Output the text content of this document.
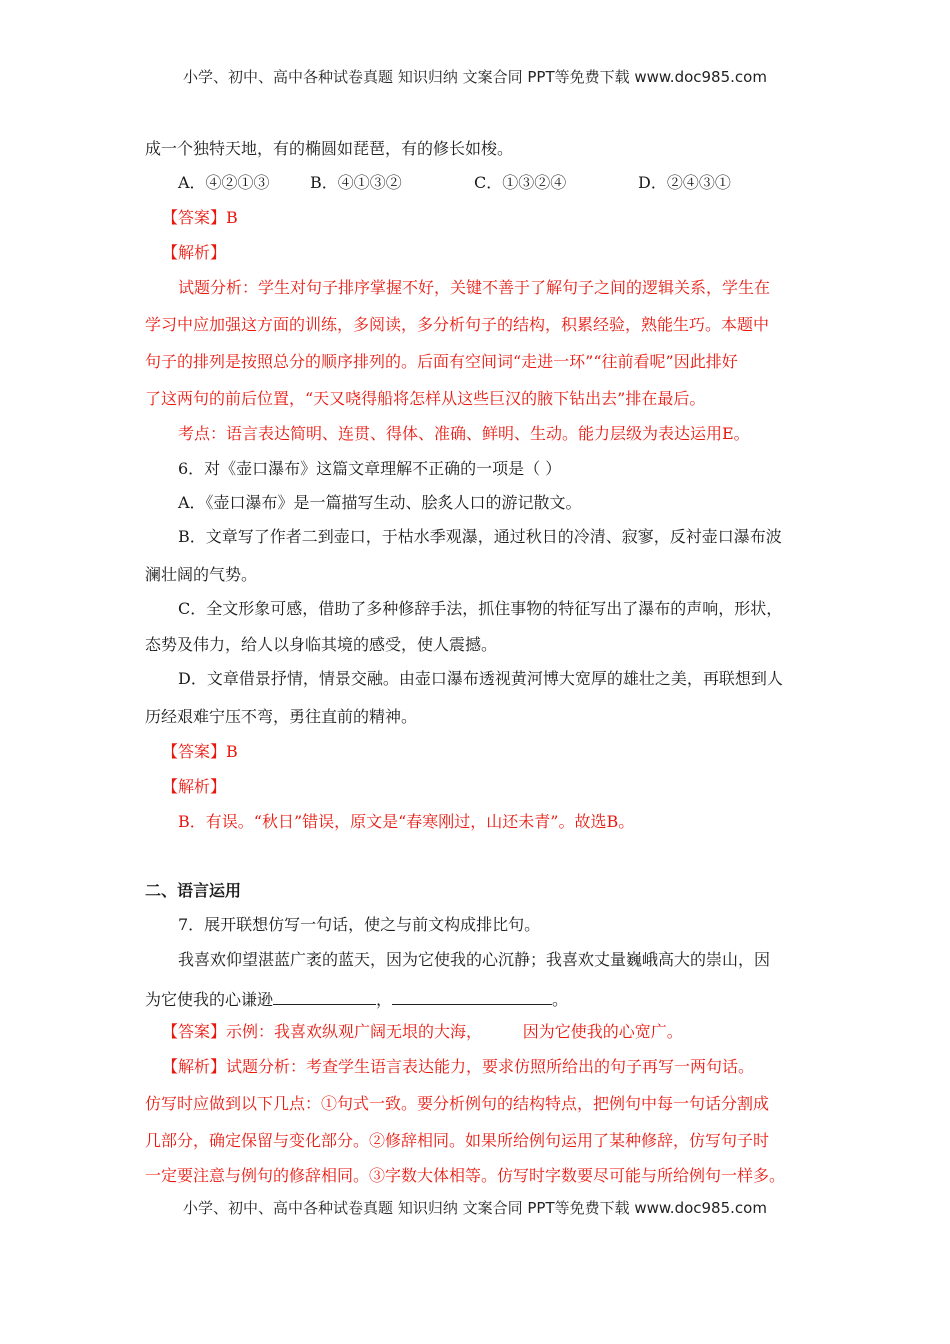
小学、初中、高中各种试卷真题 知识归纳 文案合同 PPT等免费下载 www.doc985.com
成一个独特天地，有的椭圆如琵琶，有的修长如梭。
A．④②①③	B．④①③②	C．①③②④	D．②④③①
【答案】B
【解析】
试题分析：学生对句子排序掌握不好，关键不善于了解句子之间的逻辑关系，学生在
学习中应加强这方面的训练，多阅读，多分析句子的结构，积累经验，熟能生巧。本题中
句子的排列是按照总分的顺序排列的。后面有空间词“走进一环”“往前看呢”因此排好
了这两句的前后位置，“天又哓得船将怎样从这些巨汉的腋下钻出去”排在最后。
考点：语言表达简明、连贯、得体、准确、鲜明、生动。能力层级为表达运用E。
6．对《壶口瀑布》这篇文章理解不正确的一项是（ ）
A．《壶口瀑布》是一篇描写生动、脍炙人口的游记散文。
B．文章写了作者二到壶口，于枯水季观瀑，通过秋日的冷清、寂寥，反衬壶口瀑布波
澜壮阔的气势。
C．全文形象可感，借助了多种修辞手法，抓住事物的特征写出了瀑布的声响，形状，
态势及伟力，给人以身临其境的感受，使人震撼。
D．文章借景抒情，情景交融。由壶口瀑布透视黄河博大宽厚的雄壮之美，再联想到人
历经艰难宁压不弯，勇往直前的精神。
【答案】B
【解析】
B．有误。“秋日”错误，原文是“春寒刚过，山还未青”。故选B。
二、语言运用
7．展开联想仿写一句话，使之与前文构成排比句。
我喜欢仰望湛蓝广袤的蓝天，因为它使我的心沉静；我喜欢丈量巍峨高大的崇山，因
为它使我的心谦逊	，	。
【答案】示例：我喜欢纵观广阔无垠的大海，        因为它使我的心宽广。
【解析】试题分析：考查学生语言表达能力，要求仿照所给出的句子再写一两句话。
仿写时应做到以下几点：①句式一致。要分析例句的结构特点，把例句中每一句话分割成
几部分，确定保留与变化部分。②修辞相同。如果所给例句运用了某种修辞，仿写句子时
一定要注意与例句的修辞相同。③字数大体相等。仿写时字数要尽可能与所给例句一样多。
小学、初中、高中各种试卷真题 知识归纳 文案合同 PPT等免费下载 www.doc985.com
